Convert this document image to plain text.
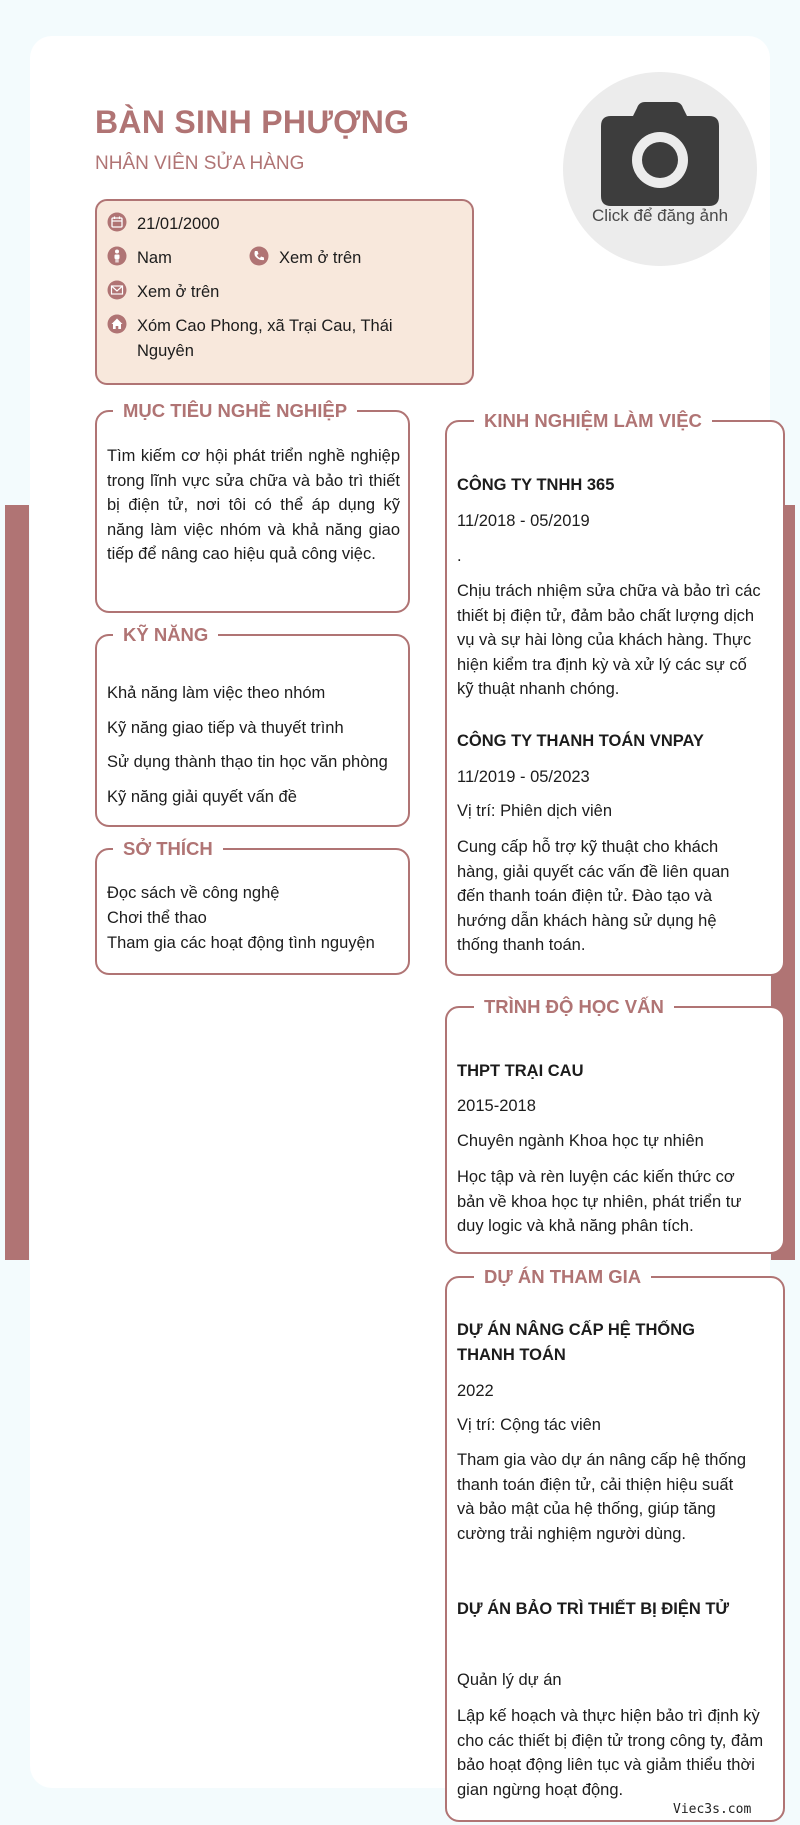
BÀN SINH PHƯỢNG
NHÂN VIÊN SỬA HÀNG
Click để đăng ảnh
21/01/2000
Nam	Xem ở trên
Xem ở trên
Xóm Cao Phong, xã Trại Cau, Thái Nguyên
MỤC TIÊU NGHỀ NGHIỆP
Tìm kiếm cơ hội phát triển nghề nghiệp trong lĩnh vực sửa chữa và bảo trì thiết bị điện tử, nơi tôi có thể áp dụng kỹ năng làm việc nhóm và khả năng giao tiếp để nâng cao hiệu quả công việc.
KỸ NĂNG
Khả năng làm việc theo nhóm
Kỹ năng giao tiếp và thuyết trình
Sử dụng thành thạo tin học văn phòng
Kỹ năng giải quyết vấn đề
SỞ THÍCH
Đọc sách về công nghệ
Chơi thể thao
Tham gia các hoạt động tình nguyện
KINH NGHIỆM LÀM VIỆC
CÔNG TY TNHH 365
11/2018 - 05/2019
.
Chịu trách nhiệm sửa chữa và bảo trì các thiết bị điện tử, đảm bảo chất lượng dịch vụ và sự hài lòng của khách hàng. Thực hiện kiểm tra định kỳ và xử lý các sự cố kỹ thuật nhanh chóng.
CÔNG TY THANH TOÁN VNPAY
11/2019 - 05/2023
Vị trí: Phiên dịch viên
Cung cấp hỗ trợ kỹ thuật cho khách hàng, giải quyết các vấn đề liên quan đến thanh toán điện tử. Đào tạo và hướng dẫn khách hàng sử dụng hệ thống thanh toán.
TRÌNH ĐỘ HỌC VẤN
THPT TRẠI CAU
2015-2018
Chuyên ngành Khoa học tự nhiên
Học tập và rèn luyện các kiến thức cơ bản về khoa học tự nhiên, phát triển tư duy logic và khả năng phân tích.
DỰ ÁN THAM GIA
DỰ ÁN NÂNG CẤP HỆ THỐNG THANH TOÁN
2022
Vị trí: Cộng tác viên
Tham gia vào dự án nâng cấp hệ thống thanh toán điện tử, cải thiện hiệu suất và bảo mật của hệ thống, giúp tăng cường trải nghiệm người dùng.
DỰ ÁN BẢO TRÌ THIẾT BỊ ĐIỆN TỬ
Quản lý dự án
Lập kế hoạch và thực hiện bảo trì định kỳ cho các thiết bị điện tử trong công ty, đảm bảo hoạt động liên tục và giảm thiểu thời gian ngừng hoạt động.
Viec3s.com
